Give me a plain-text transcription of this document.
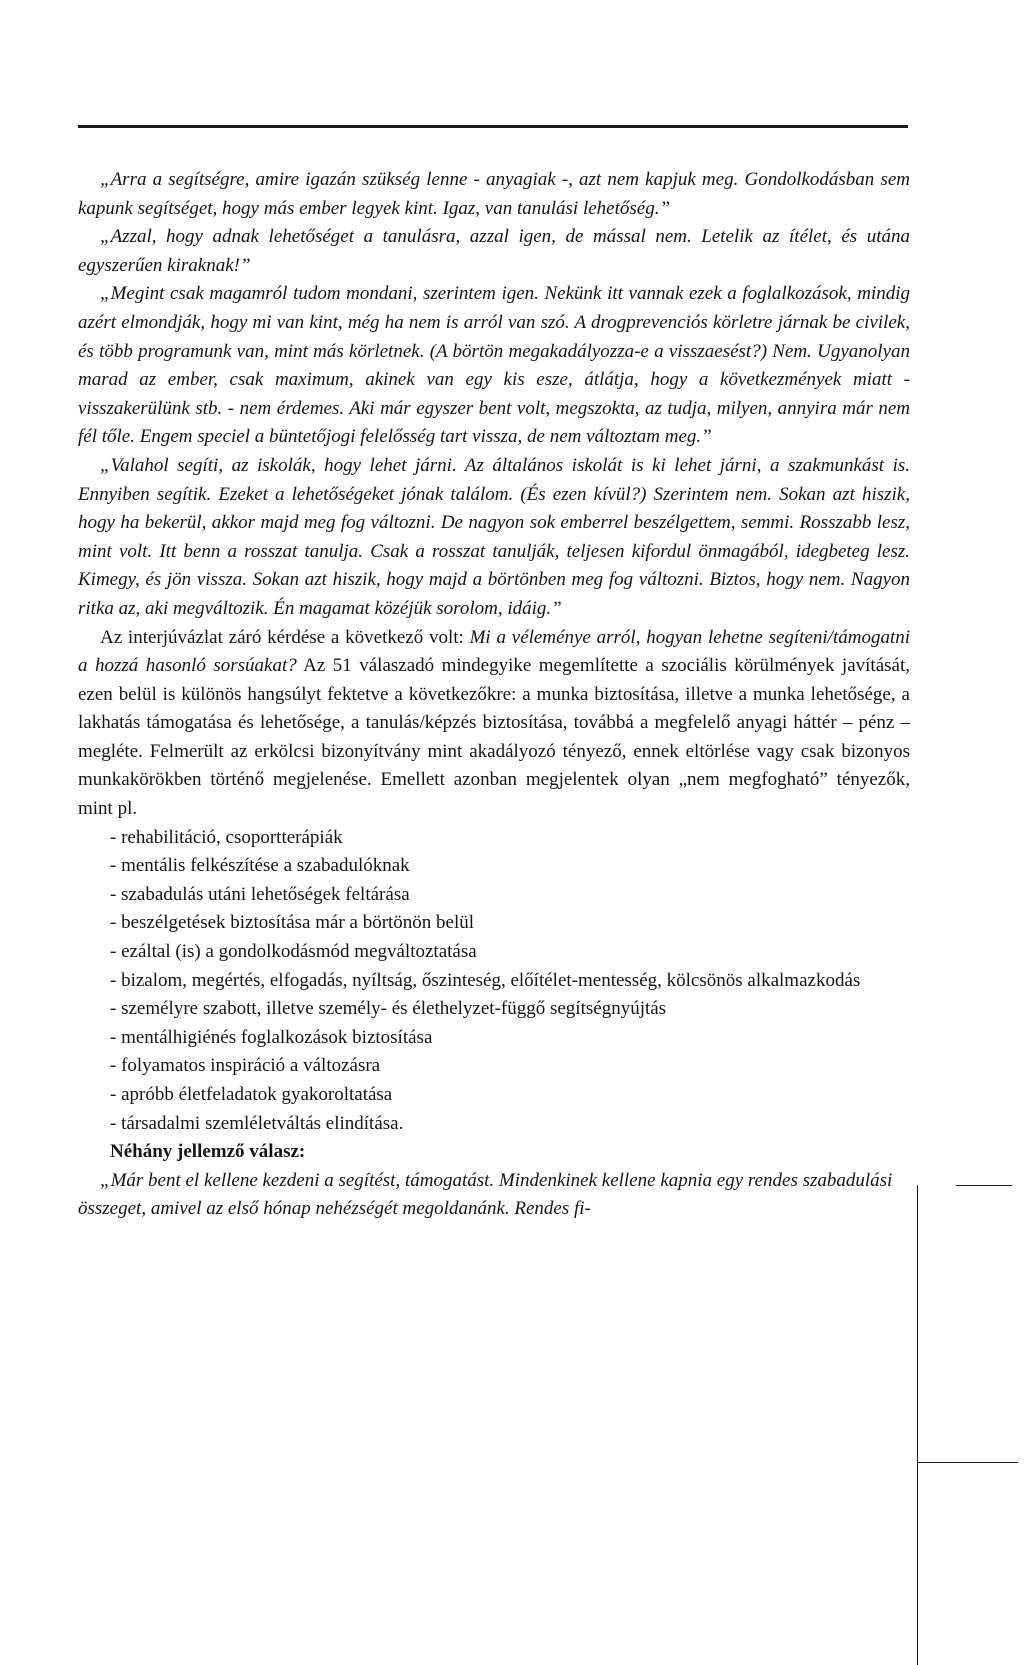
„Arra a segítségre, amire igazán szükség lenne - anyagiak -, azt nem kapjuk meg. Gondolkodásban sem kapunk segítséget, hogy más ember legyek kint. Igaz, van tanulási lehetőség.”

„Azzal, hogy adnak lehetőséget a tanulásra, azzal igen, de mással nem. Letelik az ítélet, és utána egyszerűen kiraknak!”

„Megint csak magamról tudom mondani, szerintem igen. Nekünk itt vannak ezek a foglalkozások, mindig azért elmondják, hogy mi van kint, még ha nem is arról van szó. A drogprevenciós körletre járnak be civilek, és több programunk van, mint más körletnek. (A börtön megakadályozza-e a visszaesést?) Nem. Ugyanolyan marad az ember, csak maximum, akinek van egy kis esze, átlátja, hogy a következmények miatt - visszakerülünk stb. - nem érdemes. Aki már egyszer bent volt, megszokta, az tudja, milyen, annyira már nem fél tőle. Engem speciel a büntetőjogi felelősség tart vissza, de nem változtam meg.”

„Valahol segíti, az iskolák, hogy lehet járni. Az általános iskolát is ki lehet járni, a szakmunkást is. Ennyiben segítik. Ezeket a lehetőségeket jónak találom. (És ezen kívül?) Szerintem nem. Sokan azt hiszik, hogy ha bekerül, akkor majd meg fog változni. De nagyon sok emberrel beszélgettem, semmi. Rosszabb lesz, mint volt. Itt benn a rosszat tanulja. Csak a rosszat tanulják, teljesen kifordul önmagából, idegbeteg lesz. Kimegy, és jön vissza. Sokan azt hiszik, hogy majd a börtönben meg fog változni. Biztos, hogy nem. Nagyon ritka az, aki megváltozik. Én magamat közéjük sorolom, idáig.”

Az interjúvázlat záró kérdése a következő volt: Mi a véleménye arról, hogyan lehetne segíteni/támogatni a hozzá hasonló sorsúakat? Az 51 válaszadó mindegyike megemlítette a szociális körülmények javítását, ezen belül is különös hangsúlyt fektetve a következőkre: a munka biztosítása, illetve a munka lehetősége, a lakhatás támogatása és lehetősége, a tanulás/képzés biztosítása, továbbá a megfelelő anyagi háttér – pénz – megléte. Felmerült az erkölcsi bizonyítvány mint akadályozó tényező, ennek eltörlése vagy csak bizonyos munkakörökben történő megjelenése. Emellett azonban megjelentek olyan „nem megfogható” tényezők, mint pl.

- rehabilitáció, csoportterápiák
- mentális felkészítése a szabadulóknak
- szabadulás utáni lehetőségek feltárása
- beszélgetések biztosítása már a börtönön belül
- ezáltal (is) a gondolkodásmód megváltoztatása
- bizalom, megértés, elfogadás, nyíltság, őszinteség, előítélet-mentesség, kölcsönös alkalmazkodás
- személyre szabott, illetve személy- és élethelyzet-függő segítségnyújtás
- mentálhigiénés foglalkozások biztosítása
- folyamatos inspiráció a változásra
- apróbb életfeladatok gyakoroltatása
- társadalmi szemléletváltás elindítása.

Néhány jellemző válasz:

„Már bent el kellene kezdeni a segítést, támogatást. Mindenkinek kellene kapnia egy rendes szabadulási összeget, amivel az első hónap nehézségét megoldanánk. Rendes fi-
